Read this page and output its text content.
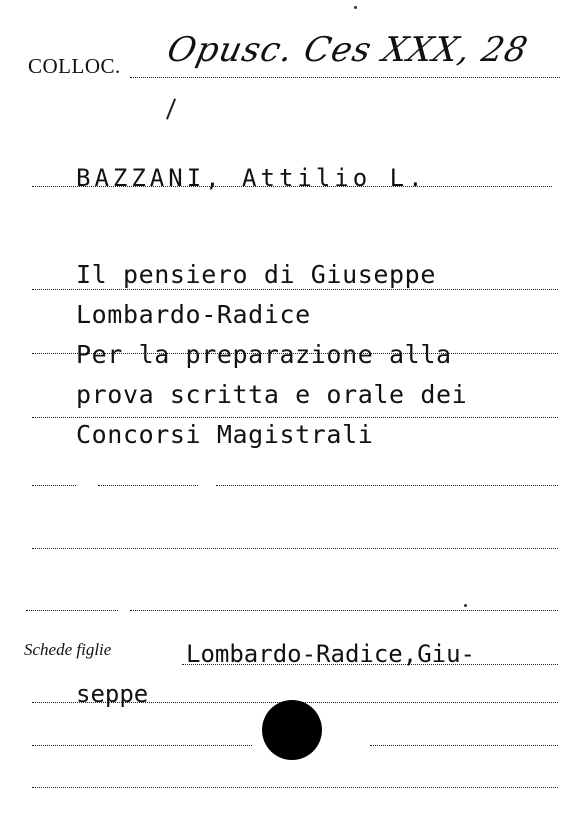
COLLOC. Opusc. Ces XXX, 28
BAZZANI, Attilio L.
Il pensiero di Giuseppe
Lombardo-Radice
Per la preparazione alla
prova scritta e orale dei
Concorsi Magistrali
Schede figlie	Lombardo-Radice,Giu-
seppe
